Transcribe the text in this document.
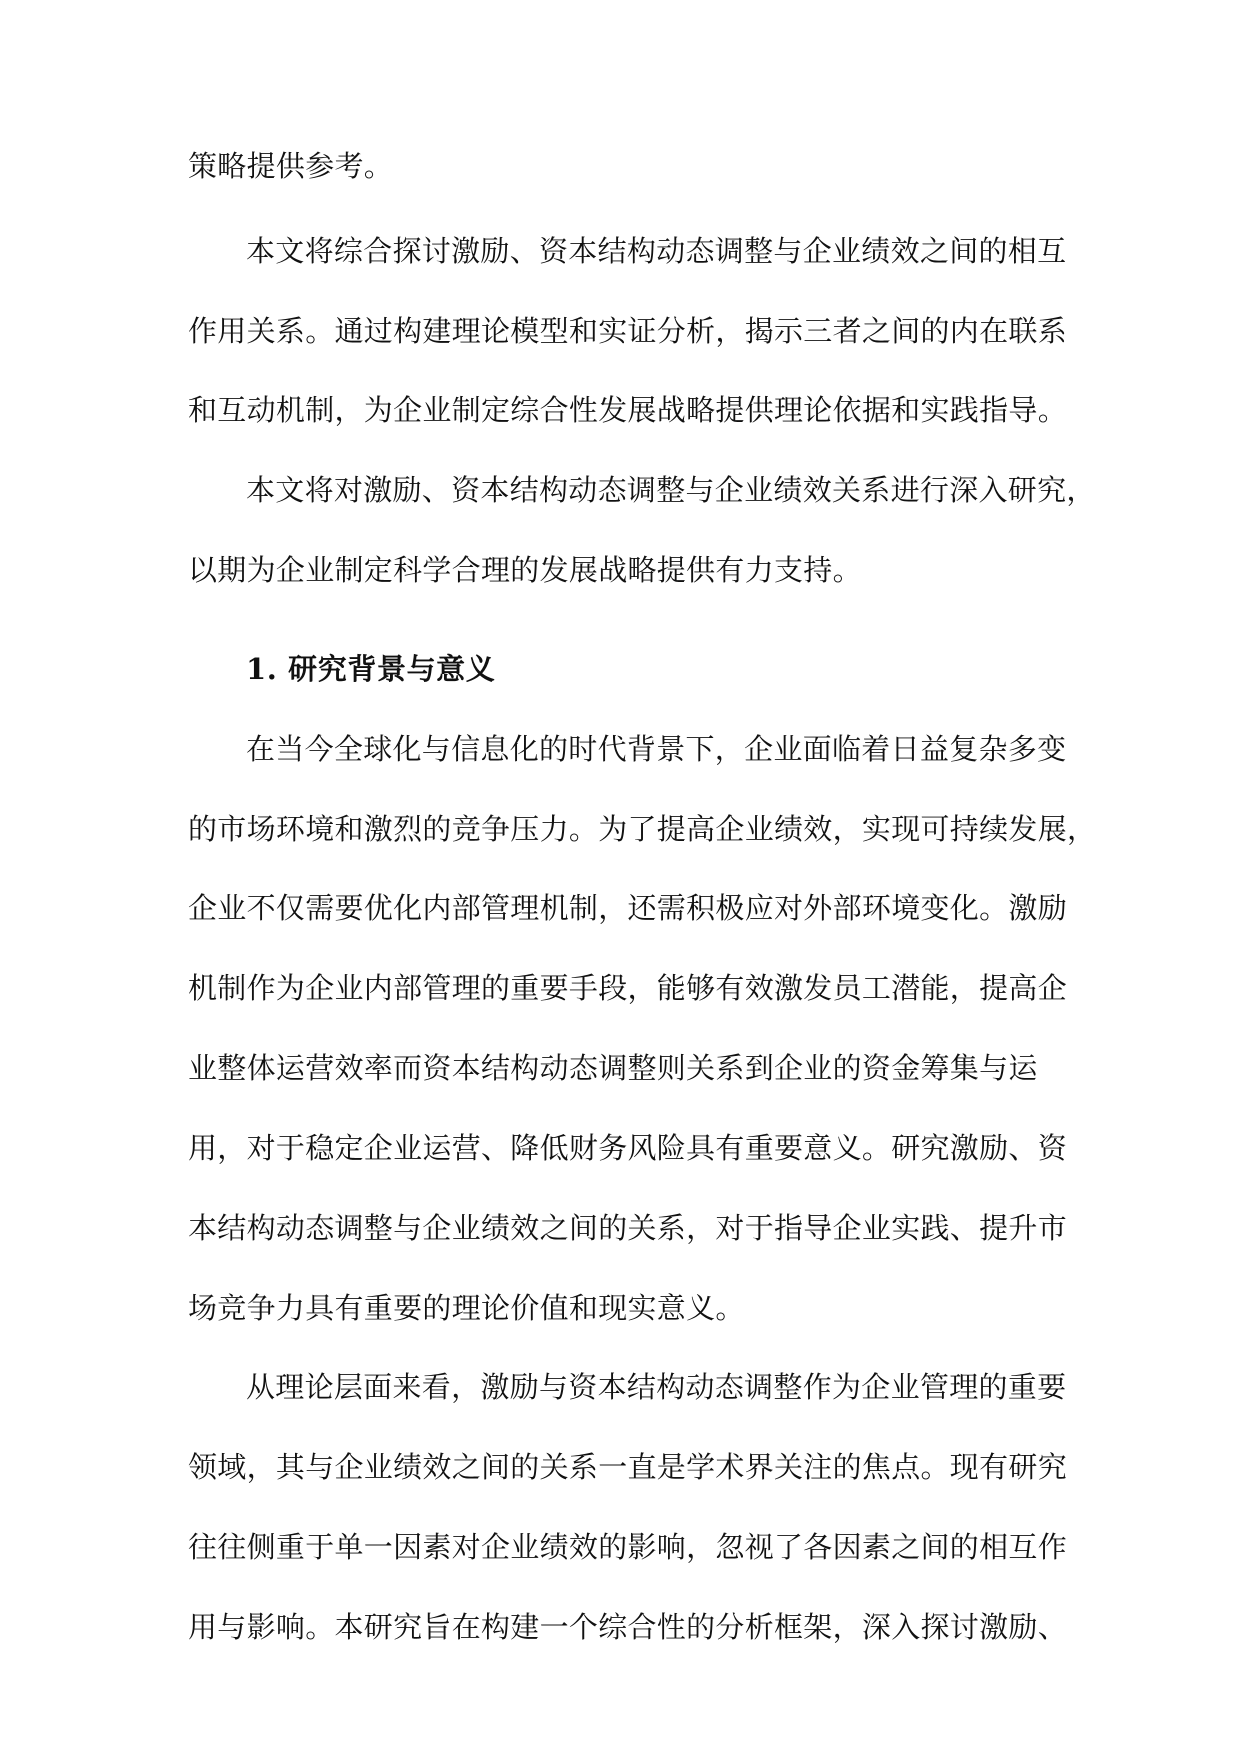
策略提供参考。
本文将综合探讨激励、资本结构动态调整与企业绩效之间的相互
作用关系。通过构建理论模型和实证分析，揭示三者之间的内在联系
和互动机制，为企业制定综合性发展战略提供理论依据和实践指导。
本文将对激励、资本结构动态调整与企业绩效关系进行深入研究，
以期为企业制定科学合理的发展战略提供有力支持。
1. 研究背景与意义
在当今全球化与信息化的时代背景下，企业面临着日益复杂多变
的市场环境和激烈的竞争压力。为了提高企业绩效，实现可持续发展，
企业不仅需要优化内部管理机制，还需积极应对外部环境变化。激励
机制作为企业内部管理的重要手段，能够有效激发员工潜能，提高企
业整体运营效率而资本结构动态调整则关系到企业的资金筹集与运
用，对于稳定企业运营、降低财务风险具有重要意义。研究激励、资
本结构动态调整与企业绩效之间的关系，对于指导企业实践、提升市
场竞争力具有重要的理论价值和现实意义。
从理论层面来看，激励与资本结构动态调整作为企业管理的重要
领域，其与企业绩效之间的关系一直是学术界关注的焦点。现有研究
往往侧重于单一因素对企业绩效的影响，忽视了各因素之间的相互作
用与影响。本研究旨在构建一个综合性的分析框架，深入探讨激励、
